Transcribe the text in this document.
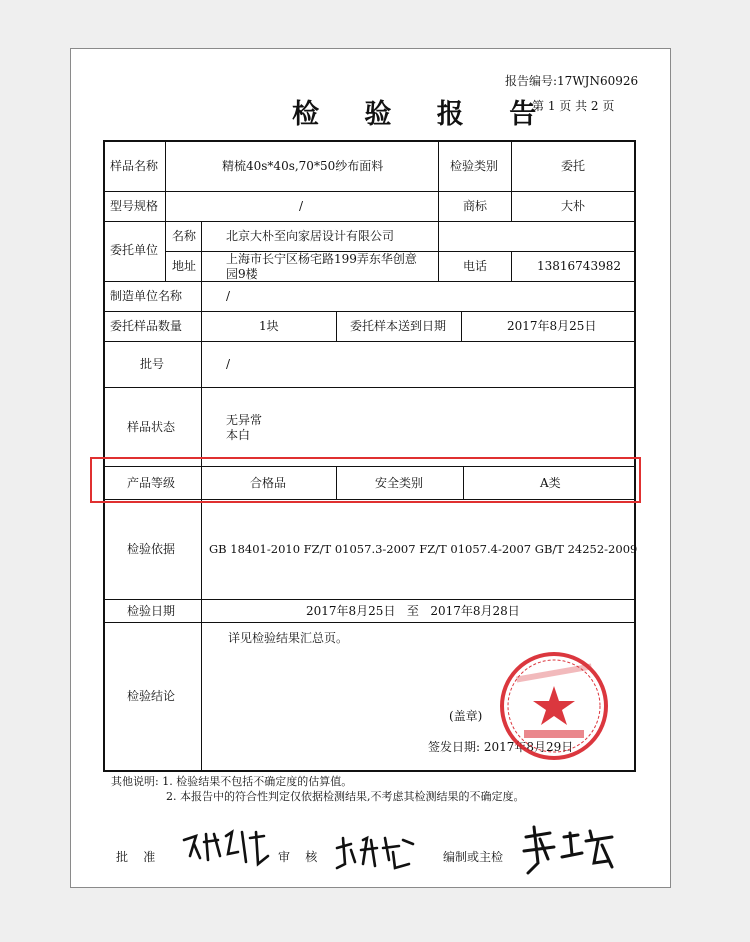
检 验 报 告
报告编号:17WJN60926
第 1 页 共 2 页
样品名称	精梳40s*40s,70*50纱布面料	检验类别	委托
型号规格	/	商标	大朴
委托单位
名称 北京大朴至向家居设计有限公司
地址 上海市长宁区杨宅路199弄东华创意
园9楼
电话	13816743982
制造单位名称	/
委托样品数量	1块	委托样本送到日期	2017年8月25日
批号	/
样品状态	无异常
本白
产品等级	合格品	安全类别	A类
检验依据	GB 18401-2010 FZ/T 01057.3-2007 FZ/T 01057.4-2007 GB/T 24252-2009
检验日期	2017年8月25日   至   2017年8月28日
检验结论
详见检验结果汇总页。
(盖章)
签发日期: 2017年8月29日
其他说明: 1. 检验结果不包括不确定度的估算值。
2. 本报告中的符合性判定仅依据检测结果,不考虑其检测结果的不确定度。
批    准	审    核	编制或主检
